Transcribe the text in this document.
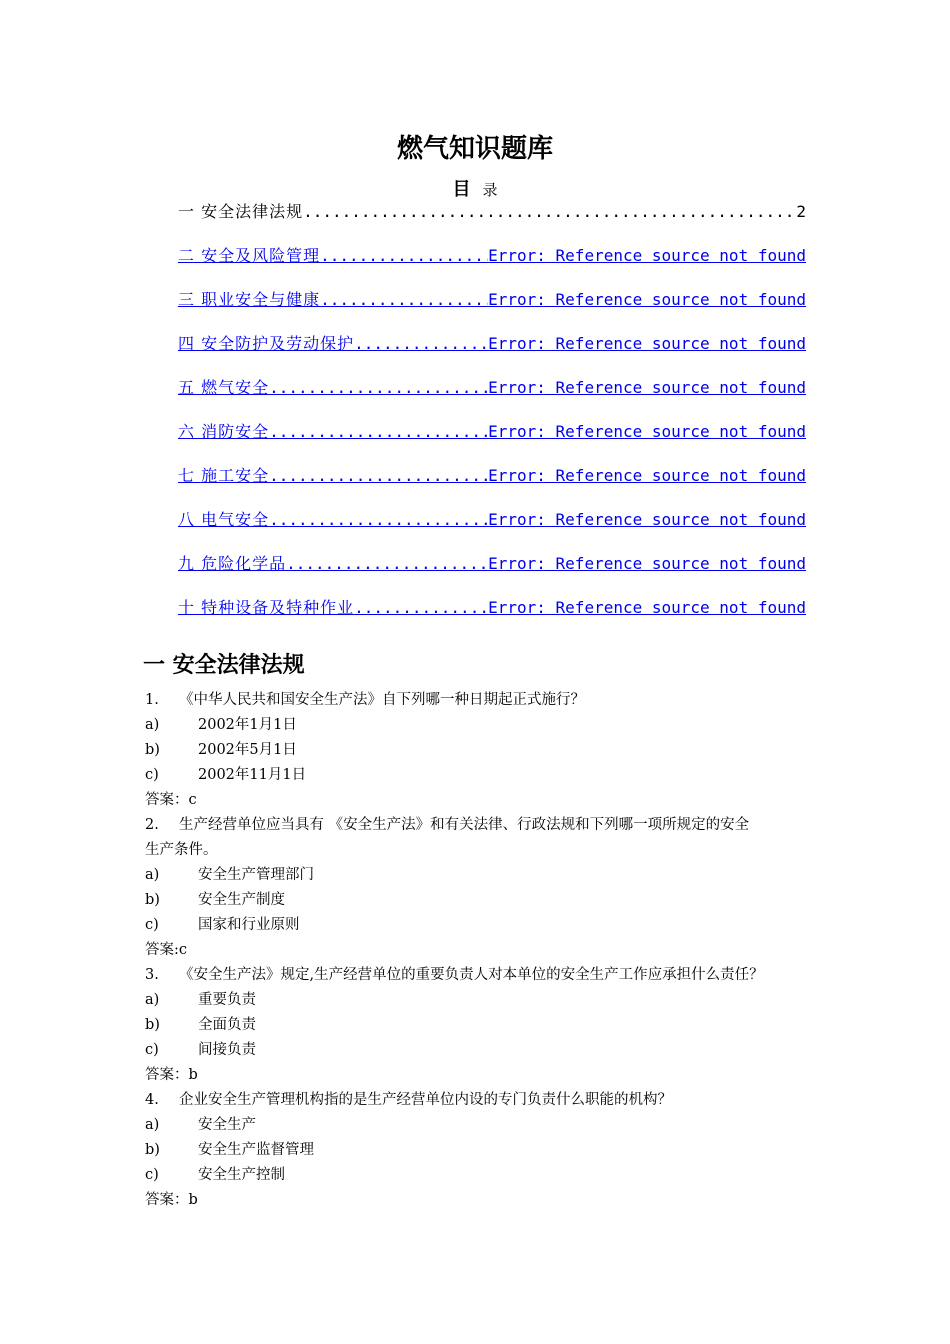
燃气知识题库
目 录
一 安全法律法规 .....	2
二 安全及风险管理 .....	Error: Reference source not found
三 职业安全与健康 .....	Error: Reference source not found
四 安全防护及劳动保护 .....	Error: Reference source not found
五 燃气安全 .....	Error: Reference source not found
六 消防安全 .....	Error: Reference source not found
七 施工安全 .....	Error: Reference source not found
八 电气安全 .....	Error: Reference source not found
九 危险化学品 .....	Error: Reference source not found
十 特种设备及特种作业 .....	Error: Reference source not found
一 安全法律法规
1. 《中华人民共和国安全生产法》自下列哪一种日期起正式施行？
a)	2002年1月1日
b)	2002年5月1日
c)	2002年11月1日
答案：c
2. 生产经营单位应当具有 《安全生产法》和有关法律、行政法规和下列哪一项所规定的安全
生产条件。
a)	安全生产管理部门
b)	安全生产制度
c)	国家和行业原则
答案:c
3. 《安全生产法》规定,生产经营单位的重要负责人对本单位的安全生产工作应承担什么责任？
a)	重要负责
b)	全面负责
c)	间接负责
答案：b
4. 企业安全生产管理机构指的是生产经营单位内设的专门负责什么职能的机构？
a)	安全生产
b)	安全生产监督管理
c)	安全生产控制
答案：b
